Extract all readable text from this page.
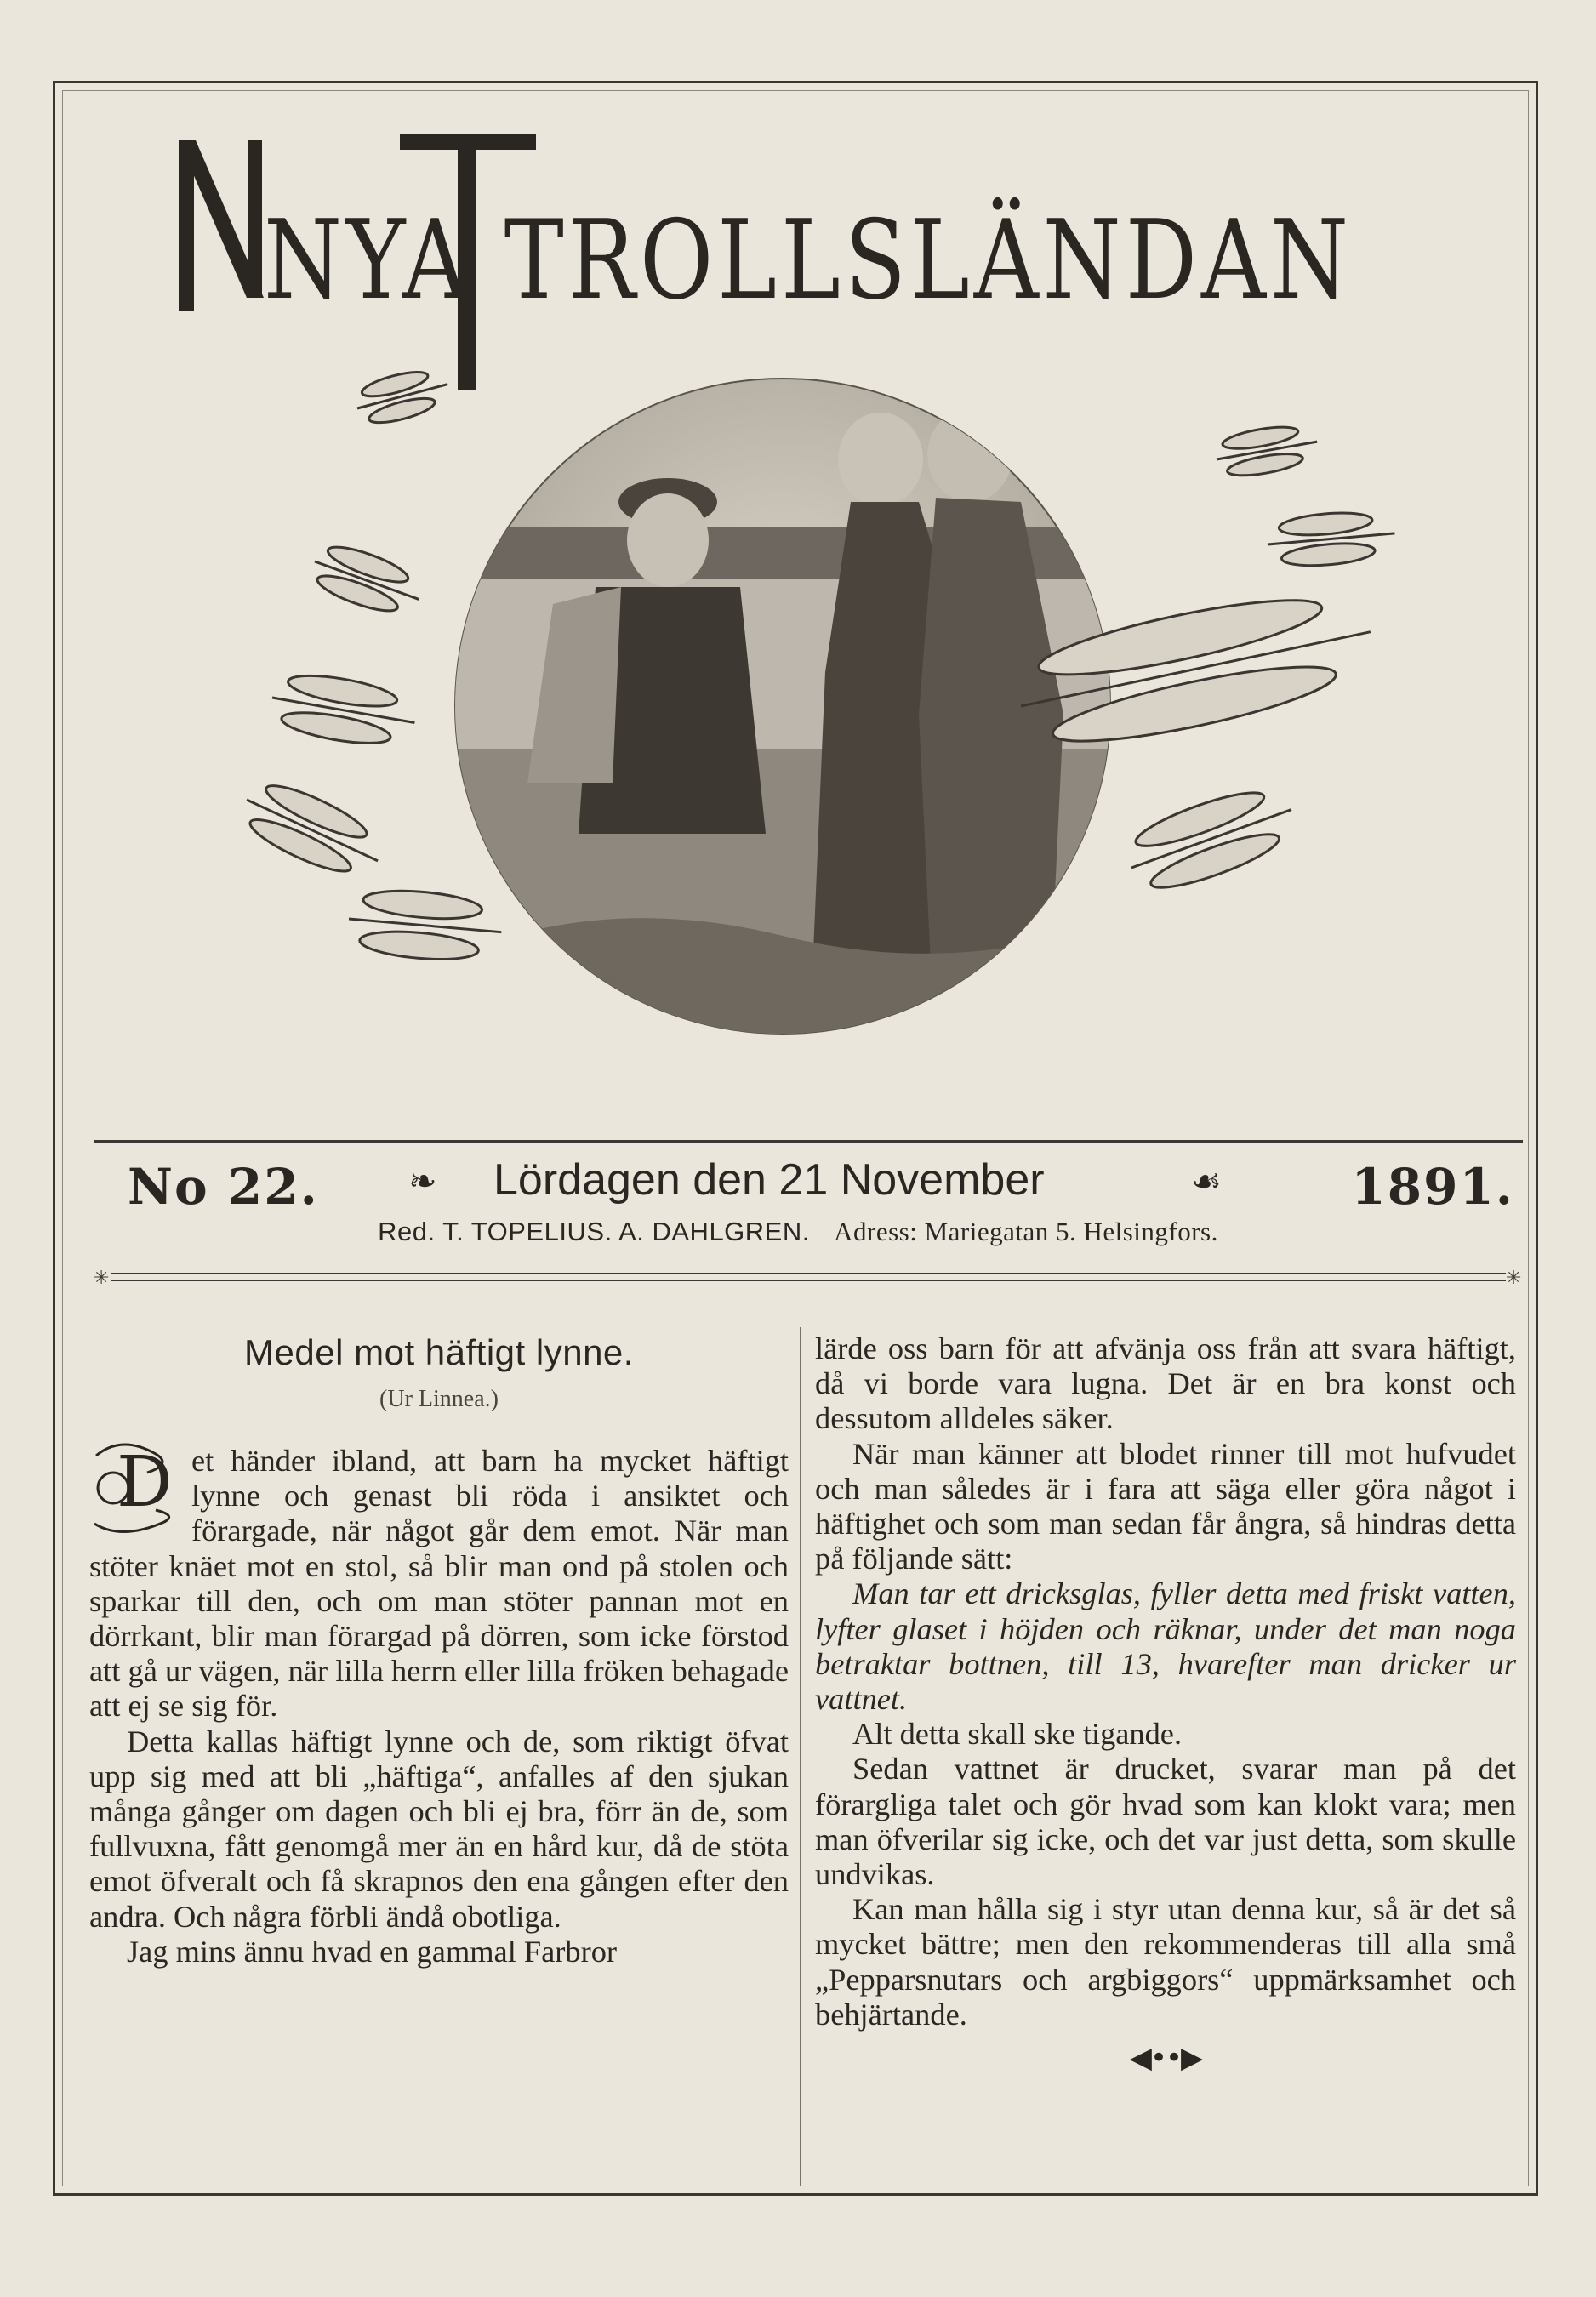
NYA TROLLSLÄNDAN
No 22.	❧ Lördagen den 21 November	☙	1891.
Red. T. TOPELIUS. A. DAHLGREN. Adress: Mariegatan 5. Helsingfors.
✳	✳
Medel mot häftigt lynne.
(Ur Linnea.)
D et händer ibland, att barn ha mycket häftigt lynne och genast bli röda i ansiktet och förargade, när något går dem emot. När man stöter knäet mot en stol, så blir man ond på stolen och sparkar till den, och om man stöter pannan mot en dörrkant, blir man förargad på dörren, som icke förstod att gå ur vägen, när lilla herrn eller lilla fröken behagade att ej se sig för.

Detta kallas häftigt lynne och de, som riktigt öfvat upp sig med att bli „häftiga“, anfalles af den sjukan många gånger om dagen och bli ej bra, förr än de, som fullvuxna, fått genomgå mer än en hård kur, då de stöta emot öfveralt och få skrapnos den ena gången efter den andra. Och några förbli ändå obotliga.

Jag mins ännu hvad en gammal Farbror

lärde oss barn för att afvänja oss från att svara häftigt, då vi borde vara lugna. Det är en bra konst och dessutom alldeles säker.

När man känner att blodet rinner till mot hufvudet och man således är i fara att säga eller göra något i häftighet och som man sedan får ångra, så hindras detta på följande sätt:

Man tar ett dricksglas, fyller detta med friskt vatten, lyfter glaset i höjden och räknar, under det man noga betraktar bottnen, till 13, hvarefter man dricker ur vattnet.

Alt detta skall ske tigande.

Sedan vattnet är drucket, svarar man på det förargliga talet och gör hvad som kan klokt vara; men man öfverilar sig icke, och det var just detta, som skulle undvikas.

Kan man hålla sig i styr utan denna kur, så är det så mycket bättre; men den rekommenderas till alla små „Pepparsnutars och argbiggors“ uppmärksamhet och behjärtande.

◀••▶
